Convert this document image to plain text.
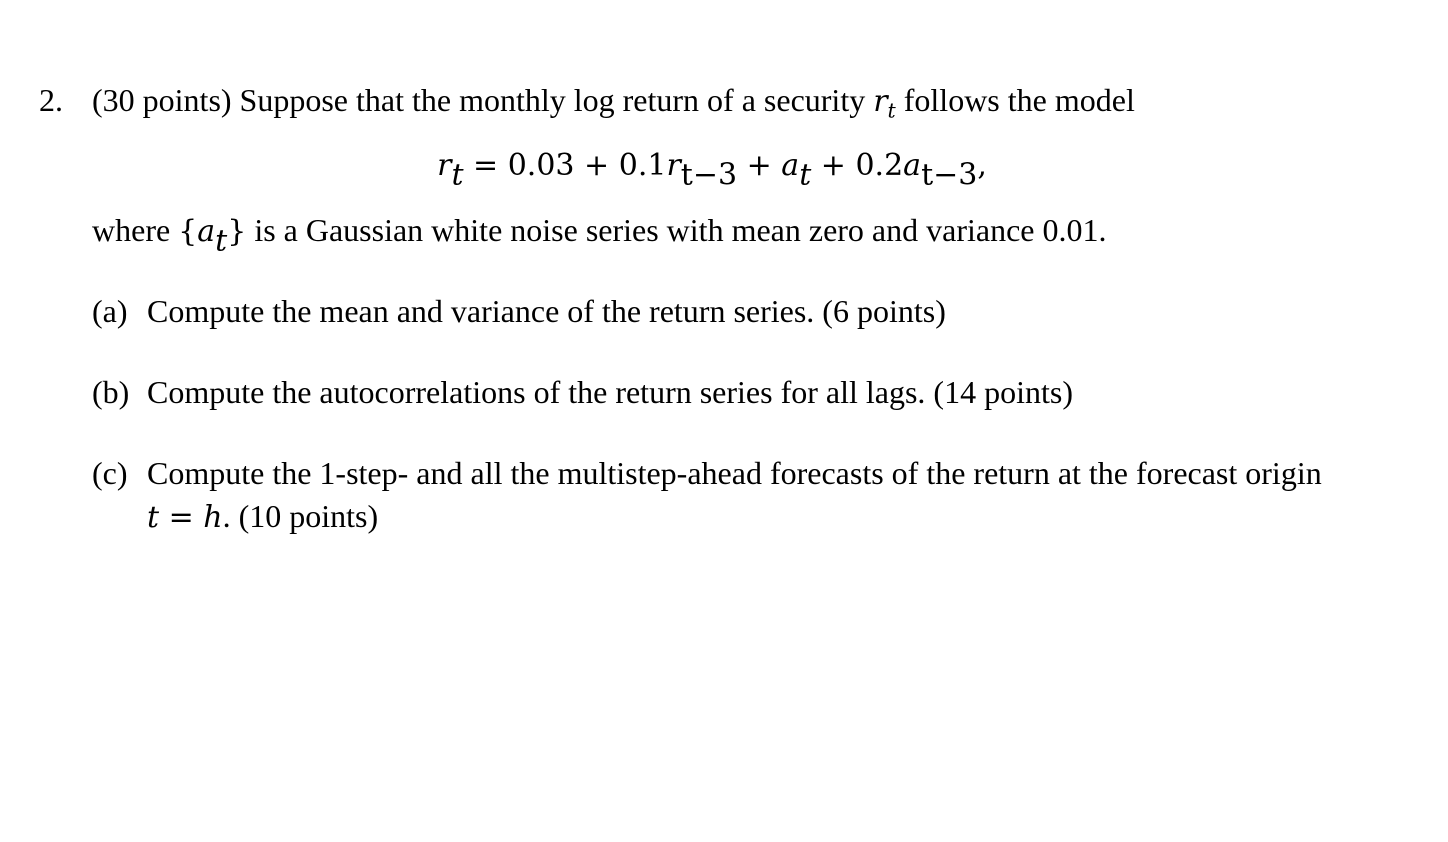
2. (30 points) Suppose that the monthly log return of a security $r_t$ follows the model
$r_t = 0.03 + 0.1r_{t-3} + a_t + 0.2a_{t-3}$,
where $\{a_t\}$ is a Gaussian white noise series with mean zero and variance 0.01.
(a) Compute the mean and variance of the return series. (6 points)
(b) Compute the autocorrelations of the return series for all lags. (14 points)
(c) Compute the 1-step- and all the multistep-ahead forecasts of the return at the forecast origin
t = h. (10 points)
